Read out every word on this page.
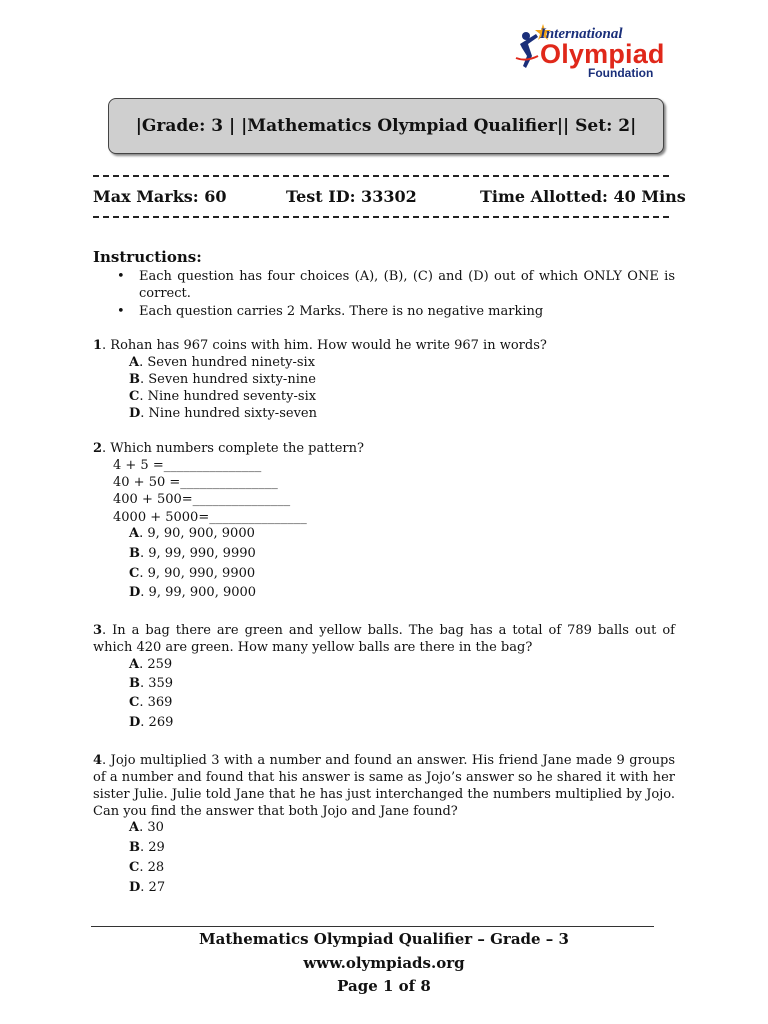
International
Olympiad
Foundation
|Grade: 3 | |Mathematics Olympiad Qualifier|| Set: 2|
Max Marks: 60	Test ID: 33302	Time Allotted: 40 Mins
Instructions:
• Each question has four choices (A), (B), (C) and (D) out of which ONLY ONE is correct.
• Each question carries 2 Marks. There is no negative marking
1. Rohan has 967 coins with him. How would he write 967 in words?
A. Seven hundred ninety-six
B. Seven hundred sixty-nine
C. Nine hundred seventy-six
D. Nine hundred sixty-seven
2. Which numbers complete the pattern?
4 + 5 =_______________
40 + 50 =_______________
400 + 500=_______________
4000 + 5000=_______________
A. 9, 90, 900, 9000
B. 9, 99, 990, 9990
C. 9, 90, 990, 9900
D. 9, 99, 900, 9000
3. In a bag there are green and yellow balls. The bag has a total of 789 balls out of which 420 are green. How many yellow balls are there in the bag?
A. 259
B. 359
C. 369
D. 269
4. Jojo multiplied 3 with a number and found an answer. His friend Jane made 9 groups of a number and found that his answer is same as Jojo’s answer so he shared it with her sister Julie. Julie told Jane that he has just interchanged the numbers multiplied by Jojo. Can you find the answer that both Jojo and Jane found?
A. 30
B. 29
C. 28
D. 27
Mathematics Olympiad Qualifier – Grade – 3
www.olympiads.org
Page 1 of 8
